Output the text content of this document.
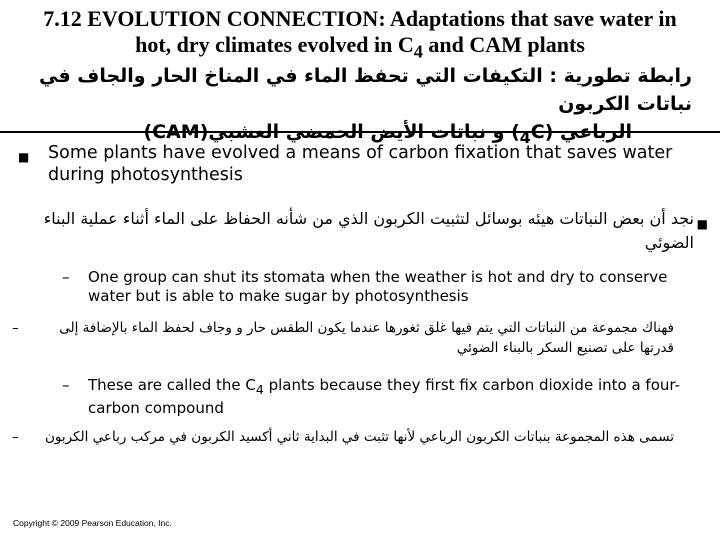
7.12 EVOLUTION CONNECTION: Adaptations that save water in
hot, dry climates evolved in $C_4$ and CAM plants
رابطة تطورية : التكيفات التي تحفظ الماء في المناخ الحار والجاف في نباتات الكربون
الرباعي $(C_4)$ و نباتات الأيض الحمضي العشبي(CAM)
■	Some plants have evolved a means of carbon fixation that saves water during photosynthesis
■
نجد أن بعض النباتات هيئه بوسائل لتثبيت الكربون الذي من شأنه الحفاظ على الماء أثناء عملية البناء الضوئي
–	One group can shut its stomata when the weather is hot and dry to conserve water but is able to make sugar by photosynthesis
–	فهناك مجموعة من النباتات التي يتم فيها غلق ثغورها عندما يكون الطقس حار و وجاف لحفظ الماء بالإضافة إلى قدرتها على تصنيع السكر بالبناء الضوئي
–	These are called the $C_4$ plants because they first fix carbon dioxide into a four-carbon compound
– تسمى هذه المجموعة بنباتات الكربون الرباعي لأنها تثبت في البداية ثاني أكسيد الكربون في مركب رباعي الكربون
Copyright © 2009 Pearson Education, Inc.
